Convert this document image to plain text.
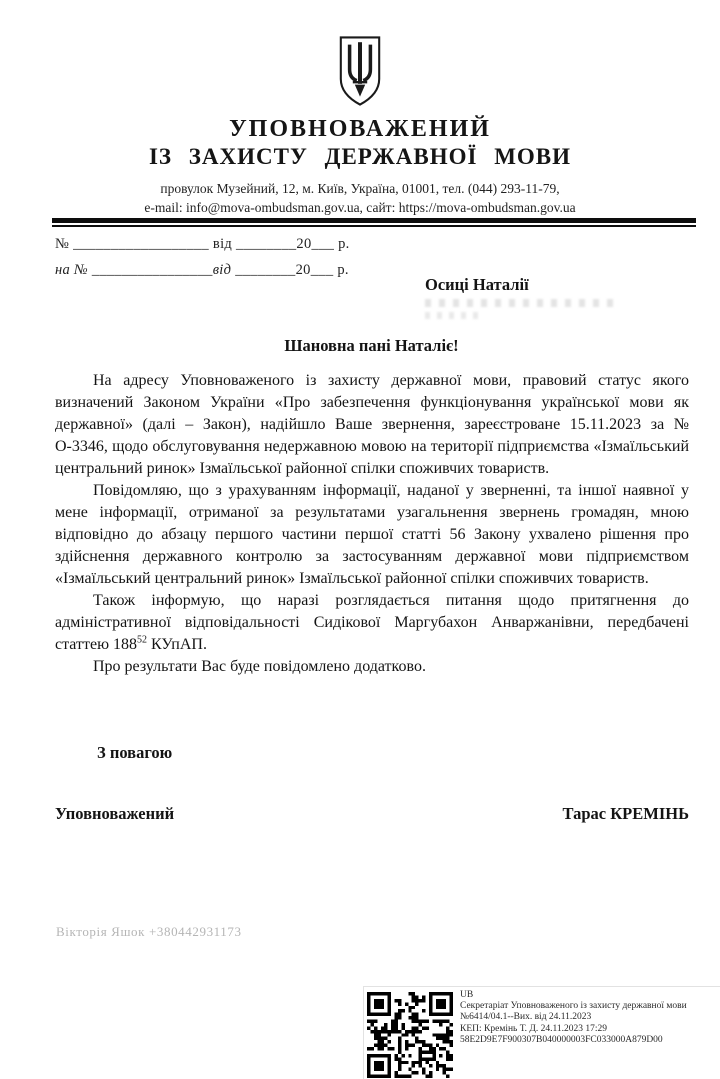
УПОВНОВАЖЕНИЙ
ІЗ ЗАХИСТУ ДЕРЖАВНОЇ МОВИ
провулок Музейний, 12, м. Київ, Україна, 01001, тел. (044) 293-11-79,
e-mail: info@mova-ombudsman.gov.ua, сайт: https://mova-ombudsman.gov.ua
№ __________________ від ________20___ р.
на № ________________від ________20___ р.
Осиці Наталії
Шановна пані Наталіє!

На адресу Уповноваженого із захисту державної мови, правовий статус якого визначений Законом України «Про забезпечення функціонування української мови як державної» (далі – Закон), надійшло Ваше звернення, зареєстроване 15.11.2023 за № О-3346, щодо обслуговування недержавною мовою на території підприємства «Ізмаїльський центральний ринок» Ізмаїльської районної спілки споживчих товариств.

Повідомляю, що з урахуванням інформації, наданої у зверненні, та іншої наявної у мене інформації, отриманої за результатами узагальнення звернень громадян, мною відповідно до абзацу першого частини першої статті 56 Закону ухвалено рішення про здійснення державного контролю за застосуванням державної мови підприємством «Ізмаїльський центральний ринок» Ізмаїльської районної спілки споживчих товариств.

Також інформую, що наразі розглядається питання щодо притягнення до адміністративної відповідальності Сидікової Маргубахон Анваржанівни, передбачені статтею $188^{52}$ КУпАП.

Про результати Вас буде повідомлено додатково.

З повагою
Уповноважений	Тарас КРЕМІНЬ
Вікторія Яшок +380442931173
UB
Секретаріат Уповноваженого із захисту державної мови
№6414/04.1--Вих. від 24.11.2023
КЕП: Кремінь Т. Д. 24.11.2023 17:29
58E2D9E7F900307B040000003FC033000A879D00
